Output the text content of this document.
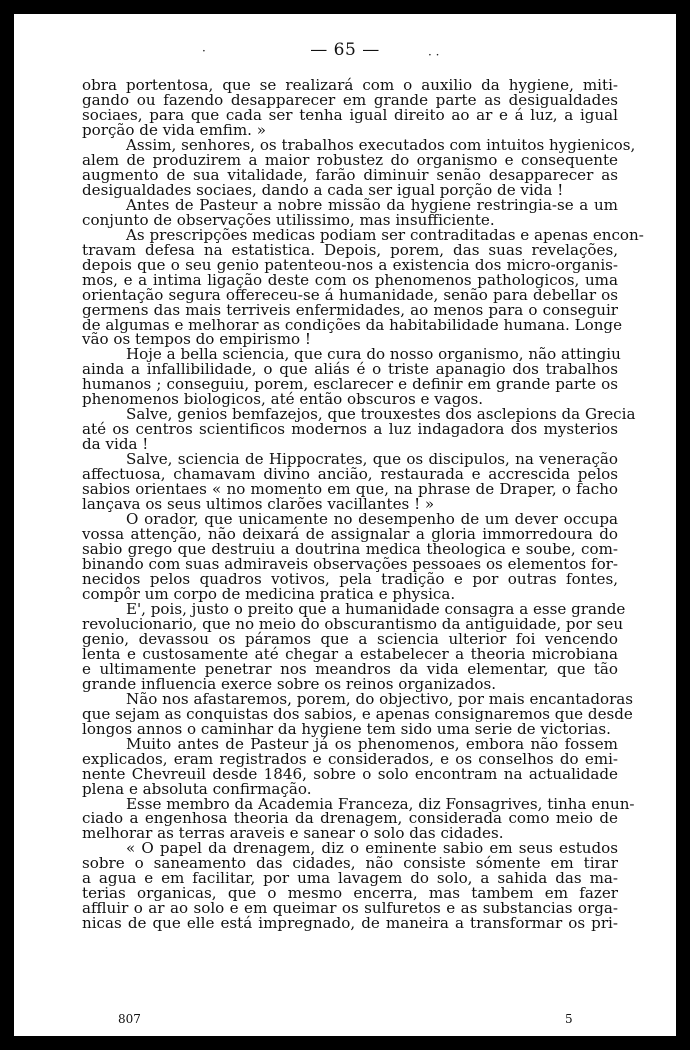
— 65 —
·	· ·
obra portentosa, que se realizará com o auxilio da hygiene, miti-
gando ou fazendo desapparecer em grande parte as desigualdades
sociaes, para que cada ser tenha igual direito ao ar e á luz, a igual
porção de vida emfim. »
Assim, senhores, os trabalhos executados com intuitos hygienicos,
alem de produzirem a maior robustez do organismo e consequente
augmento de sua vitalidade, farão diminuir senão desapparecer as
desigualdades sociaes, dando a cada ser igual porção de vida !
Antes de Pasteur a nobre missão da hygiene restringia-se a um
conjunto de observações utilissimo, mas insufficiente.
As prescripções medicas podiam ser contraditadas e apenas encon-
travam defesa na estatistica. Depois, porem, das suas revelações,
depois que o seu genio patenteou-nos a existencia dos micro-organis-
mos, e a intima ligação deste com os phenomenos pathologicos, uma
orientação segura offereceu-se á humanidade, senão para debellar os
germens das mais terriveis enfermidades, ao menos para o conseguir
de algumas e melhorar as condições da habitabilidade humana. Longe
vão os tempos do empirismo !
Hoje a bella sciencia, que cura do nosso organismo, não attingiu
ainda a infallibilidade, o que aliás é o triste apanagio dos trabalhos
humanos ; conseguiu, porem, esclarecer e definir em grande parte os
phenomenos biologicos, até então obscuros e vagos.
Salve, genios bemfazejos, que trouxestes dos asclepions da Grecia
até os centros scientificos modernos a luz indagadora dos mysterios
da vida !
Salve, sciencia de Hippocrates, que os discipulos, na veneração
affectuosa, chamavam divino ancião, restaurada e accrescida pelos
sabios orientaes « no momento em que, na phrase de Draper, o facho
lançava os seus ultimos clarões vacillantes ! »
O orador, que unicamente no desempenho de um dever occupa
vossa attenção, não deixará de assignalar a gloria immorredoura do
sabio grego que destruiu a doutrina medica theologica e soube, com-
binando com suas admiraveis observações pessoaes os elementos for-
necidos pelos quadros votivos, pela tradição e por outras fontes,
compôr um corpo de medicina pratica e physica.
E', pois, justo o preito que a humanidade consagra a esse grande
revolucionario, que no meio do obscurantismo da antiguidade, por seu
genio, devassou os páramos que a sciencia ulterior foi vencendo
lenta e custosamente até chegar a estabelecer a theoria microbiana
e ultimamente penetrar nos meandros da vida elementar, que tão
grande influencia exerce sobre os reinos organizados.
Não nos afastaremos, porem, do objectivo, por mais encantadoras
que sejam as conquistas dos sabios, e apenas consignaremos que desde
longos annos o caminhar da hygiene tem sido uma serie de victorias.
Muito antes de Pasteur já os phenomenos, embora não fossem
explicados, eram registrados e considerados, e os conselhos do emi-
nente Chevreuil desde 1846, sobre o solo encontram na actualidade
plena e absoluta confirmação.
Esse membro da Academia Franceza, diz Fonsagrives, tinha enun-
ciado a engenhosa theoria da drenagem, considerada como meio de
melhorar as terras araveis e sanear o solo das cidades.
« O papel da drenagem, diz o eminente sabio em seus estudos
sobre o saneamento das cidades, não consiste sómente em tirar
a agua e em facilitar, por uma lavagem do solo, a sahida das ma-
terias organicas, que o mesmo encerra, mas tambem em fazer
affluir o ar ao solo e em queimar os sulfuretos e as substancias orga-
nicas de que elle está impregnado, de maneira a transformar os pri-
807	5
